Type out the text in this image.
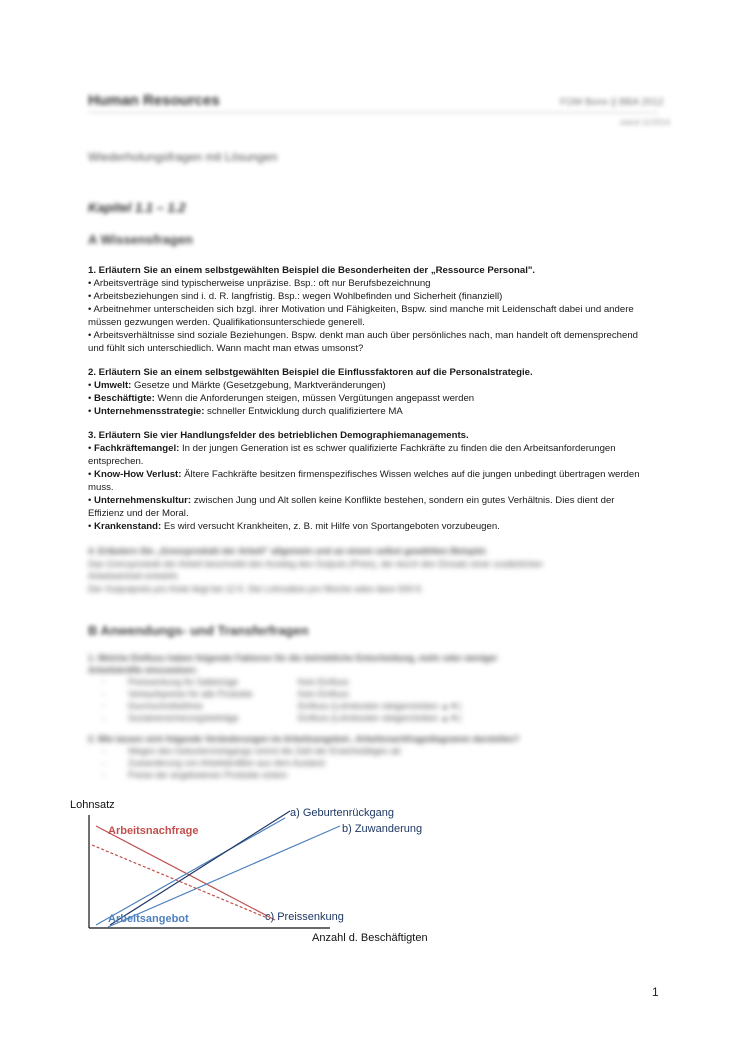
Human Resources	FOM Bonn || BBA 2012
stand 11/2014
Wiederholungsfragen mit Lösungen
Kapitel 1.1 – 1.2
A Wissensfragen

1. Erläutern Sie an einem selbstgewählten Beispiel die Besonderheiten der „Ressource Personal".

• Arbeitsverträge sind typischerweise unpräzise. Bsp.: oft nur Berufsbezeichnung

• Arbeitsbeziehungen sind i. d. R. langfristig. Bsp.: wegen Wohlbefinden und Sicherheit (finanziell)

• Arbeitnehmer unterscheiden sich bzgl. ihrer Motivation und Fähigkeiten, Bspw. sind manche mit Leidenschaft dabei und andere müssen gezwungen werden. Qualifikationsunterschiede generell.

• Arbeitsverhältnisse sind soziale Beziehungen. Bspw. denkt man auch über persönliches nach, man handelt oft demensprechend und fühlt sich unterschiedlich. Wann macht man etwas umsonst?

2. Erläutern Sie an einem selbstgewählten Beispiel die Einflussfaktoren auf die Personalstrategie.

• Umwelt: Gesetze und Märkte (Gesetzgebung, Marktveränderungen)

• Beschäftigte: Wenn die Anforderungen steigen, müssen Vergütungen angepasst werden

• Unternehmensstrategie: schneller Entwicklung durch qualifiziertere MA

3. Erläutern Sie vier Handlungsfelder des betrieblichen Demographiemanagements.

• Fachkräftemangel: In der jungen Generation ist es schwer qualifizierte Fachkräfte zu finden die den Arbeitsanforderungen entsprechen.

• Know-How Verlust: Ältere Fachkräfte besitzen firmenspezifisches Wissen welches auf die jungen unbedingt übertragen werden muss.

• Unternehmenskultur: zwischen Jung und Alt sollen keine Konflikte bestehen, sondern ein gutes Verhältnis. Dies dient der Effizienz und der Moral.

• Krankenstand: Es wird versucht Krankheiten, z. B. mit Hilfe von Sportangeboten vorzubeugen.

4. Erläutern Sie „Grenzprodukt der Arbeit" allgemein und an einem selbst gewählten Beispiel.
Das Grenzprodukt der Arbeit beschreibt den Anstieg des Outputs (Preis), der durch den Einsatz einer zusätzlichen
Arbeitseinheit entsteht.
Der Outputpreis pro Kiste liegt bei 12 €. Die Lohnsätze pro Woche wäre dann 500 €.
B Anwendungs- und Transferfragen
1. Welche Einfluss haben folgende Faktoren für die betriebliche Entscheidung, mehr oder weniger
Arbeitskräfte einzusetzen:
-	Preissenkung für Sattelzüge	Kein Einfluss
-	Verkaufspreise für alle Produkte	Kein Einfluss
-	Durchschnittslöhne	Einfluss (Lohnkosten steigen/sinken ▲▼)
-	Sozialversicherungsbeiträge	Einfluss (Lohnkosten steigen/sinken ▲▼)
2. Wie lassen sich folgende Veränderungen im Arbeitsangebot-, Arbeitsnachfragediagramm darstellen?
-	Wegen des Geburtenrückgangs nimmt die Zahl der Erwerbstätigen ab
-	Zuwanderung von Arbeitskräften aus dem Ausland
-	Preise der angebotenen Produkte sinken
Lohnsatz
Anzahl d. Beschäftigten
Arbeitsnachfrage
Arbeitsangebot
a) Geburtenrückgang
b) Zuwanderung
c) Preissenkung
1
